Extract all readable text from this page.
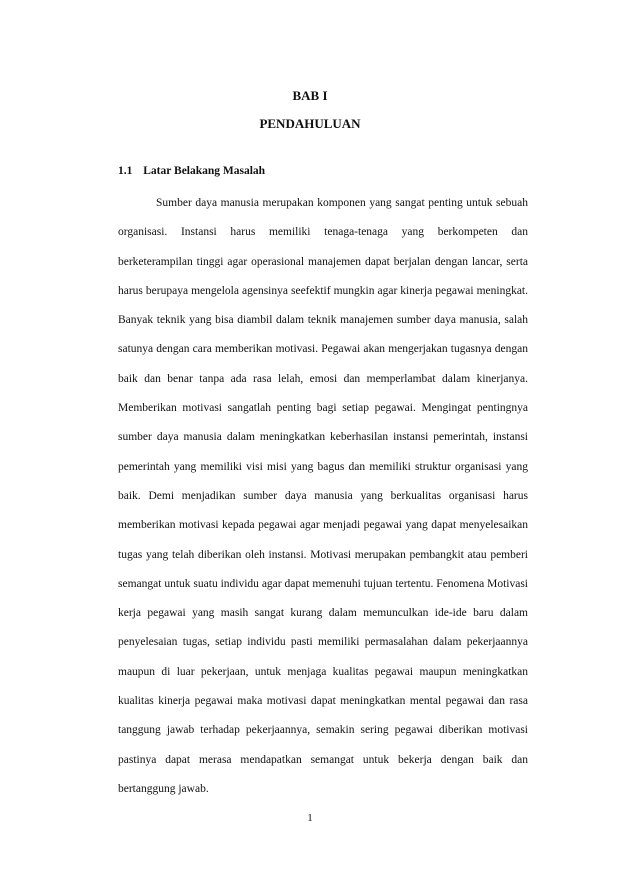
BAB I
PENDAHULUAN
1.1 Latar Belakang Masalah

Sumber daya manusia merupakan komponen yang sangat penting untuk sebuah organisasi. Instansi harus memiliki tenaga-tenaga yang berkompeten dan berketerampilan tinggi agar operasional manajemen dapat berjalan dengan lancar, serta harus berupaya mengelola agensinya seefektif mungkin agar kinerja pegawai meningkat. Banyak teknik yang bisa diambil dalam teknik manajemen sumber daya manusia, salah satunya dengan cara memberikan motivasi. Pegawai akan mengerjakan tugasnya dengan baik dan benar tanpa ada rasa lelah, emosi dan memperlambat dalam kinerjanya. Memberikan motivasi sangatlah penting bagi setiap pegawai. Mengingat pentingnya sumber daya manusia dalam meningkatkan keberhasilan instansi pemerintah, instansi pemerintah yang memiliki visi misi yang bagus dan memiliki struktur organisasi yang baik. Demi menjadikan sumber daya manusia yang berkualitas organisasi harus memberikan motivasi kepada pegawai agar menjadi pegawai yang dapat menyelesaikan tugas yang telah diberikan oleh instansi. Motivasi merupakan pembangkit atau pemberi semangat untuk suatu individu agar dapat memenuhi tujuan tertentu. Fenomena Motivasi kerja pegawai yang masih sangat kurang dalam memunculkan ide-ide baru dalam penyelesaian tugas, setiap individu pasti memiliki permasalahan dalam pekerjaannya maupun di luar pekerjaan, untuk menjaga kualitas pegawai maupun meningkatkan kualitas kinerja pegawai maka motivasi dapat meningkatkan mental pegawai dan rasa tanggung jawab terhadap pekerjaannya, semakin sering pegawai diberikan motivasi pastinya dapat merasa mendapatkan semangat untuk bekerja dengan baik dan bertanggung jawab.

1
